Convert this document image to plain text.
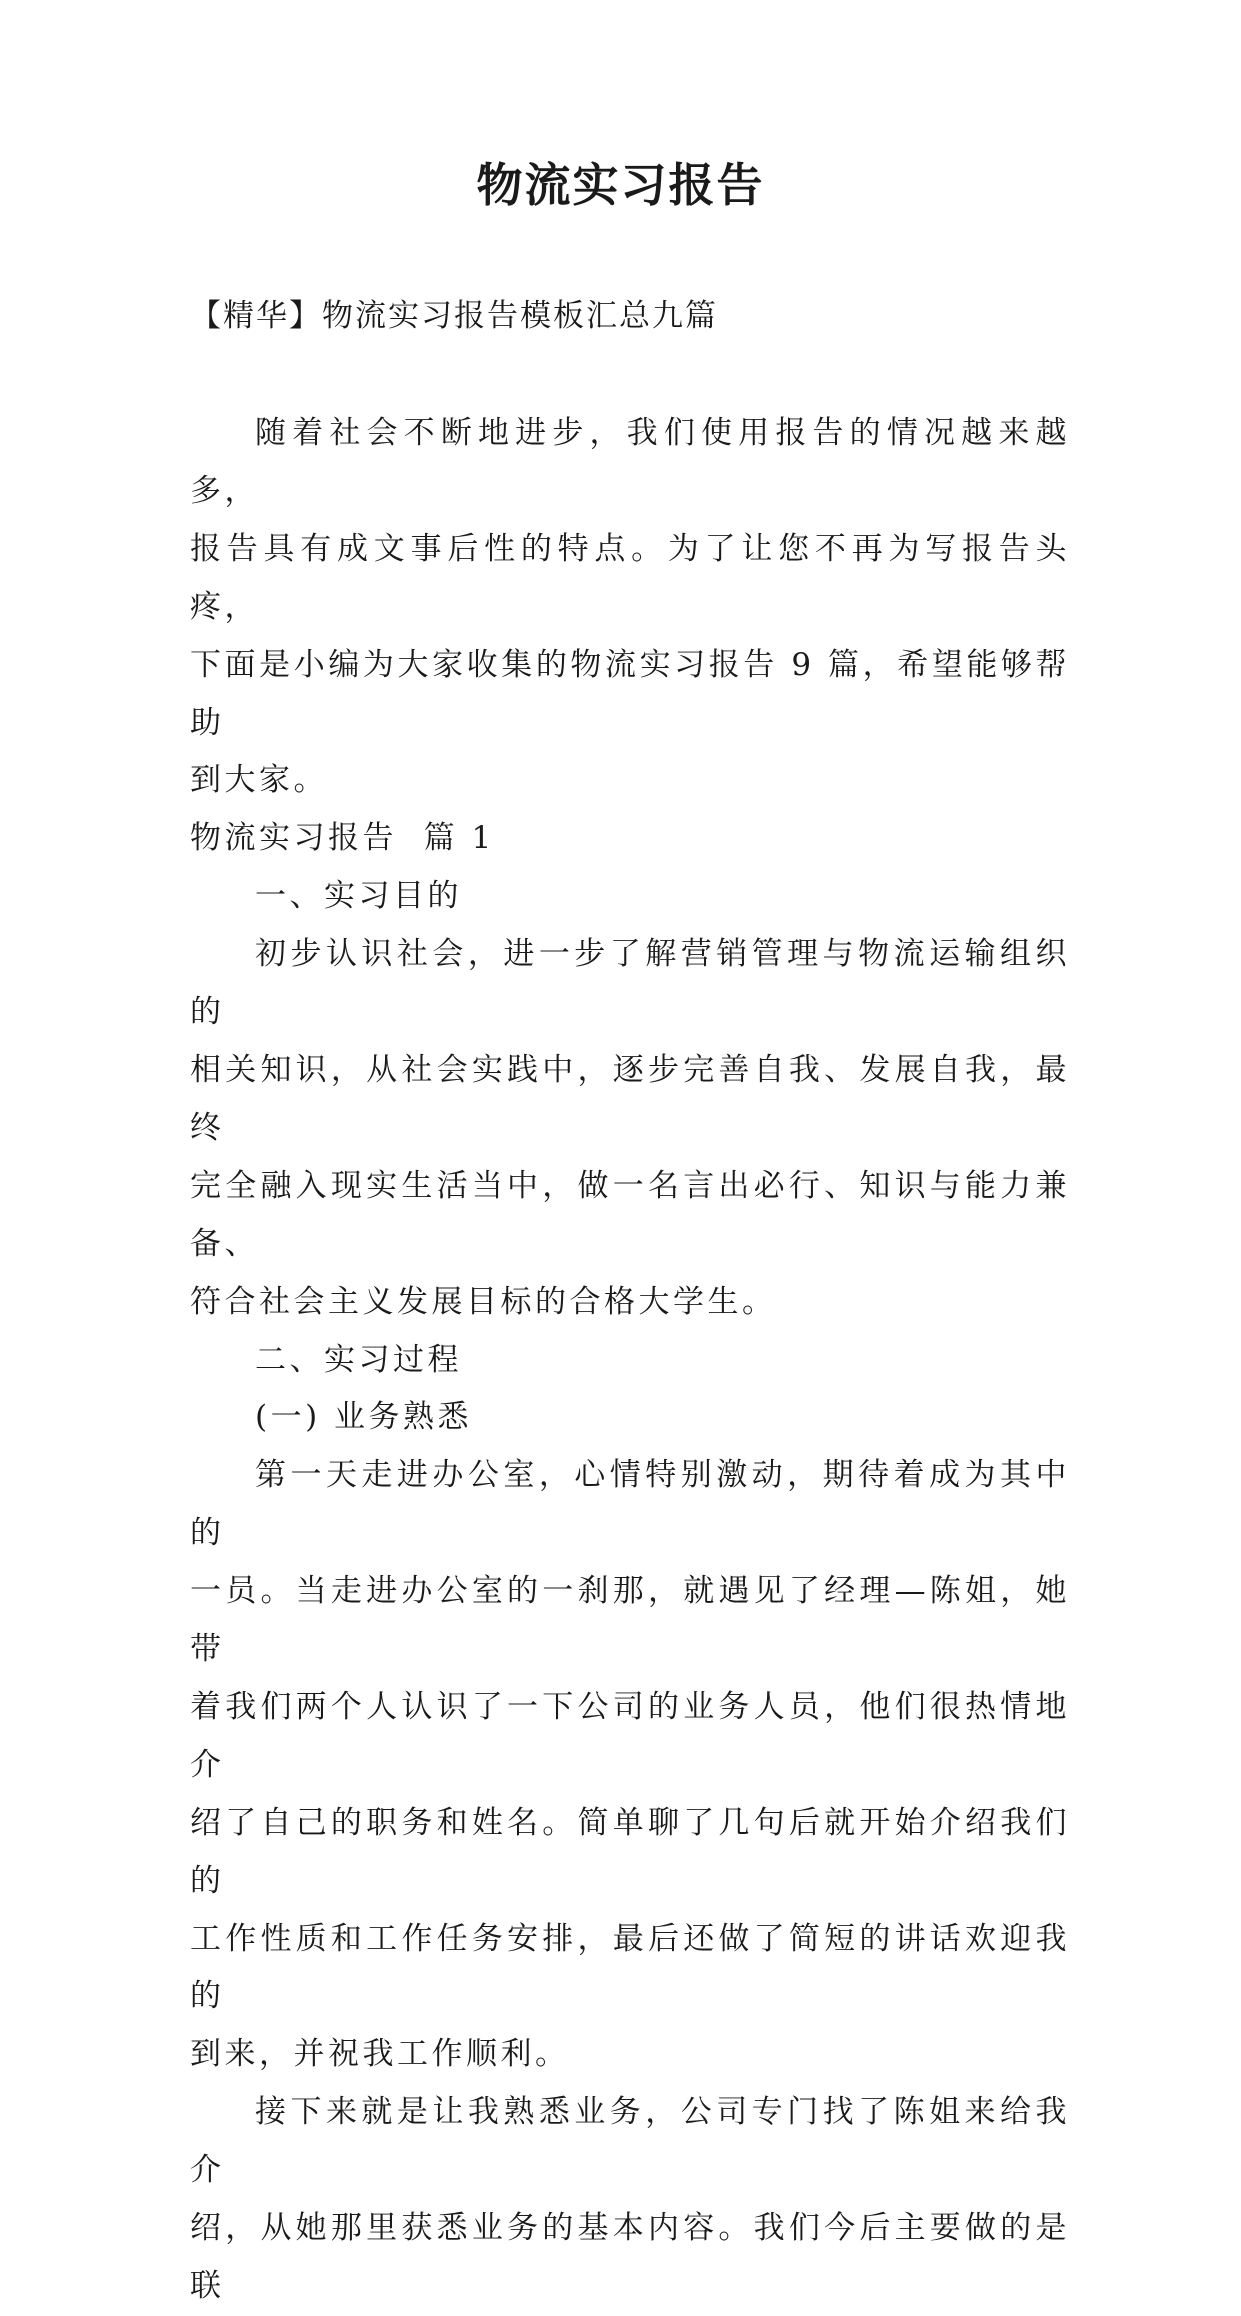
物流实习报告
【精华】物流实习报告模板汇总九篇

随着社会不断地进步，我们使用报告的情况越来越多，

报告具有成文事后性的特点。为了让您不再为写报告头疼，

下面是小编为大家收集的物流实习报告 9 篇，希望能够帮助

到大家。

物流实习报告  篇 1

一、实习目的

初步认识社会，进一步了解营销管理与物流运输组织的

相关知识，从社会实践中，逐步完善自我、发展自我，最终

完全融入现实生活当中，做一名言出必行、知识与能力兼备、

符合社会主义发展目标的合格大学生。

二、实习过程

(一) 业务熟悉

第一天走进办公室，心情特别激动，期待着成为其中的

一员。当走进办公室的一刹那，就遇见了经理—陈姐，她带

着我们两个人认识了一下公司的业务人员，他们很热情地介

绍了自己的职务和姓名。简单聊了几句后就开始介绍我们的

工作性质和工作任务安排，最后还做了简短的讲话欢迎我的

到来，并祝我工作顺利。

接下来就是让我熟悉业务，公司专门找了陈姐来给我介

绍，从她那里获悉业务的基本内容。我们今后主要做的是联
